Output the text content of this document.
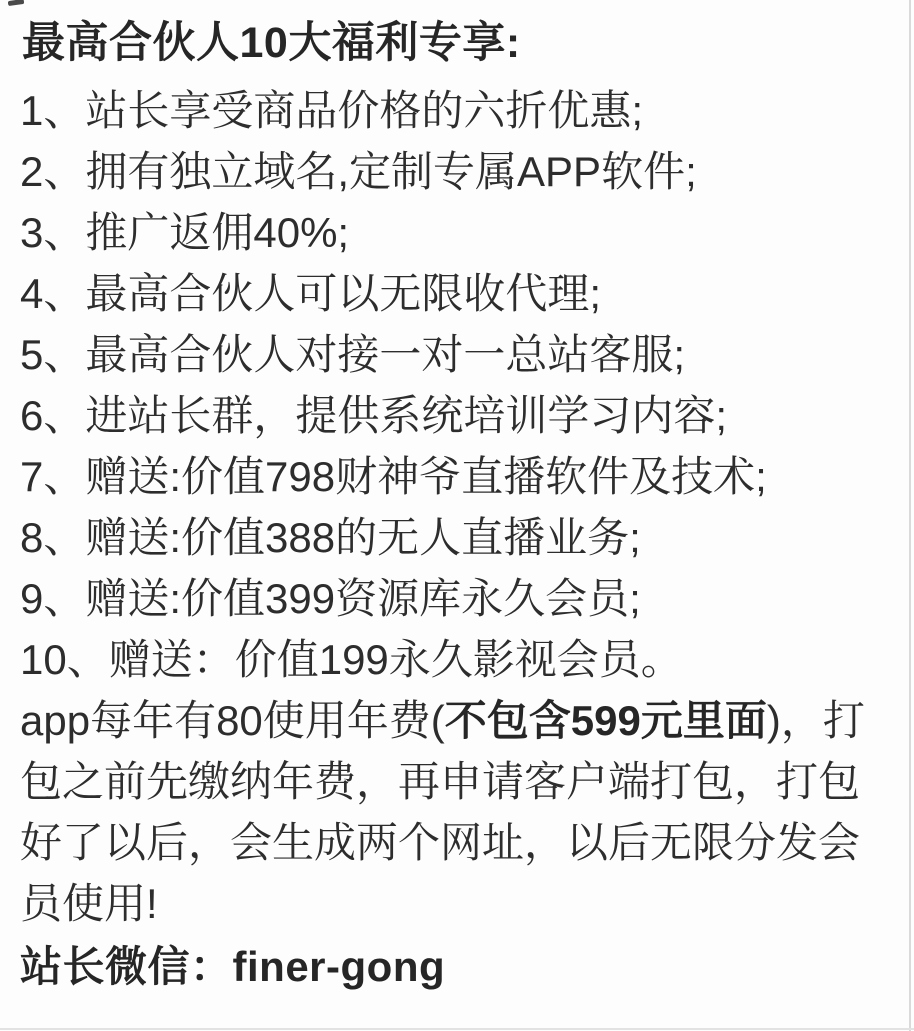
最高合伙人10大福利专享:
1、站长享受商品价格的六折优惠;
2、拥有独立域名,定制专属APP软件;
3、推广返佣40%;
4、最高合伙人可以无限收代理;
5、最高合伙人对接一对一总站客服;
6、进站长群，提供系统培训学习内容;
7、赠送:价值798财神爷直播软件及技术;
8、赠送:价值388的无人直播业务;
9、赠送:价值399资源库永久会员;
10、赠送：价值199永久影视会员。
app每年有80使用年费(不包含599元里面)，打
包之前先缴纳年费，再申请客户端打包，打包
好了以后，会生成两个网址，以后无限分发会
员使用!
站长微信：finer-gong
